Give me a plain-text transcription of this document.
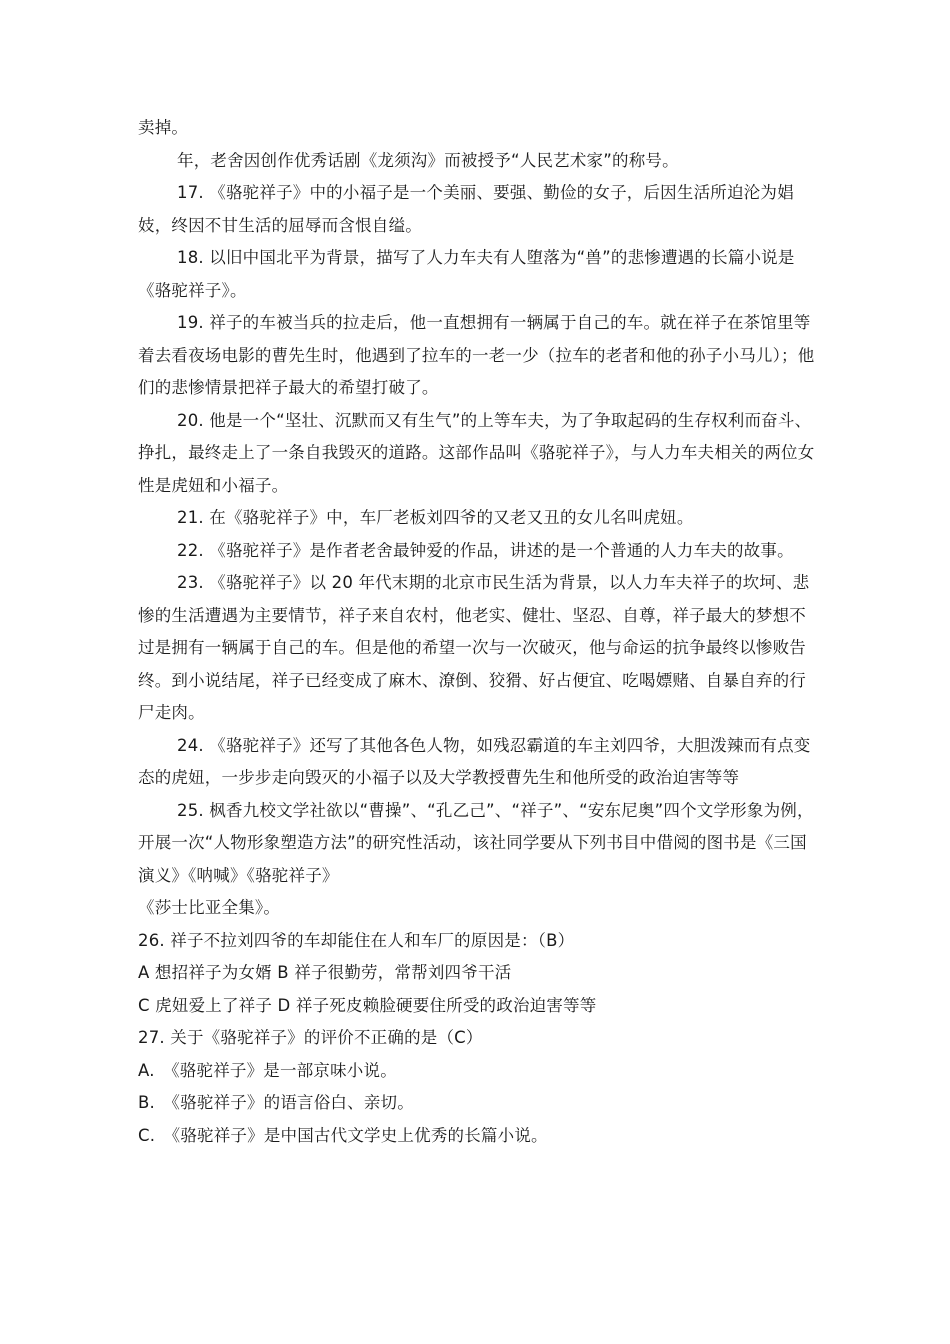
卖掉。

年，老舍因创作优秀话剧《龙须沟》而被授予“人民艺术家”的称号。

17. 《骆驼祥子》中的小福子是一个美丽、要强、勤俭的女子，后因生活所迫沦为娼妓，终因不甘生活的屈辱而含恨自缢。

18. 以旧中国北平为背景，描写了人力车夫有人堕落为“兽”的悲惨遭遇的长篇小说是《骆驼祥子》。

19. 祥子的车被当兵的拉走后，他一直想拥有一辆属于自己的车。就在祥子在茶馆里等着去看夜场电影的曹先生时，他遇到了拉车的一老一少（拉车的老者和他的孙子小马儿）；他们的悲惨情景把祥子最大的希望打破了。

20. 他是一个“坚壮、沉默而又有生气”的上等车夫，为了争取起码的生存权利而奋斗、挣扎，最终走上了一条自我毁灭的道路。这部作品叫《骆驼祥子》，与人力车夫相关的两位女性是虎妞和小福子。

21. 在《骆驼祥子》中，车厂老板刘四爷的又老又丑的女儿名叫虎妞。

22. 《骆驼祥子》是作者老舍最钟爱的作品，讲述的是一个普通的人力车夫的故事。

23. 《骆驼祥子》以 20 年代末期的北京市民生活为背景，以人力车夫祥子的坎坷、悲惨的生活遭遇为主要情节，祥子来自农村，他老实、健壮、坚忍、自尊，祥子最大的梦想不过是拥有一辆属于自己的车。但是他的希望一次与一次破灭，他与命运的抗争最终以惨败告终。到小说结尾，祥子已经变成了麻木、潦倒、狡猾、好占便宜、吃喝嫖赌、自暴自弃的行尸走肉。

24. 《骆驼祥子》还写了其他各色人物，如残忍霸道的车主刘四爷，大胆泼辣而有点变态的虎妞，一步步走向毁灭的小福子以及大学教授曹先生和他所受的政治迫害等等

25. 枫香九校文学社欲以“曹操”、“孔乙己”、“祥子”、“安东尼奥”四个文学形象为例，开展一次“人物形象塑造方法”的研究性活动，该社同学要从下列书目中借阅的图书是《三国演义》《呐喊》《骆驼祥子》

《莎士比亚全集》。

26. 祥子不拉刘四爷的车却能住在人和车厂的原因是：（B）

A 想招祥子为女婿 B 祥子很勤劳，常帮刘四爷干活

C 虎妞爱上了祥子 D 祥子死皮赖脸硬要住所受的政治迫害等等

27. 关于《骆驼祥子》的评价不正确的是（C）

A.　《骆驼祥子》是一部京味小说。

B.　《骆驼祥子》的语言俗白、亲切。

C.　《骆驼祥子》是中国古代文学史上优秀的长篇小说。
